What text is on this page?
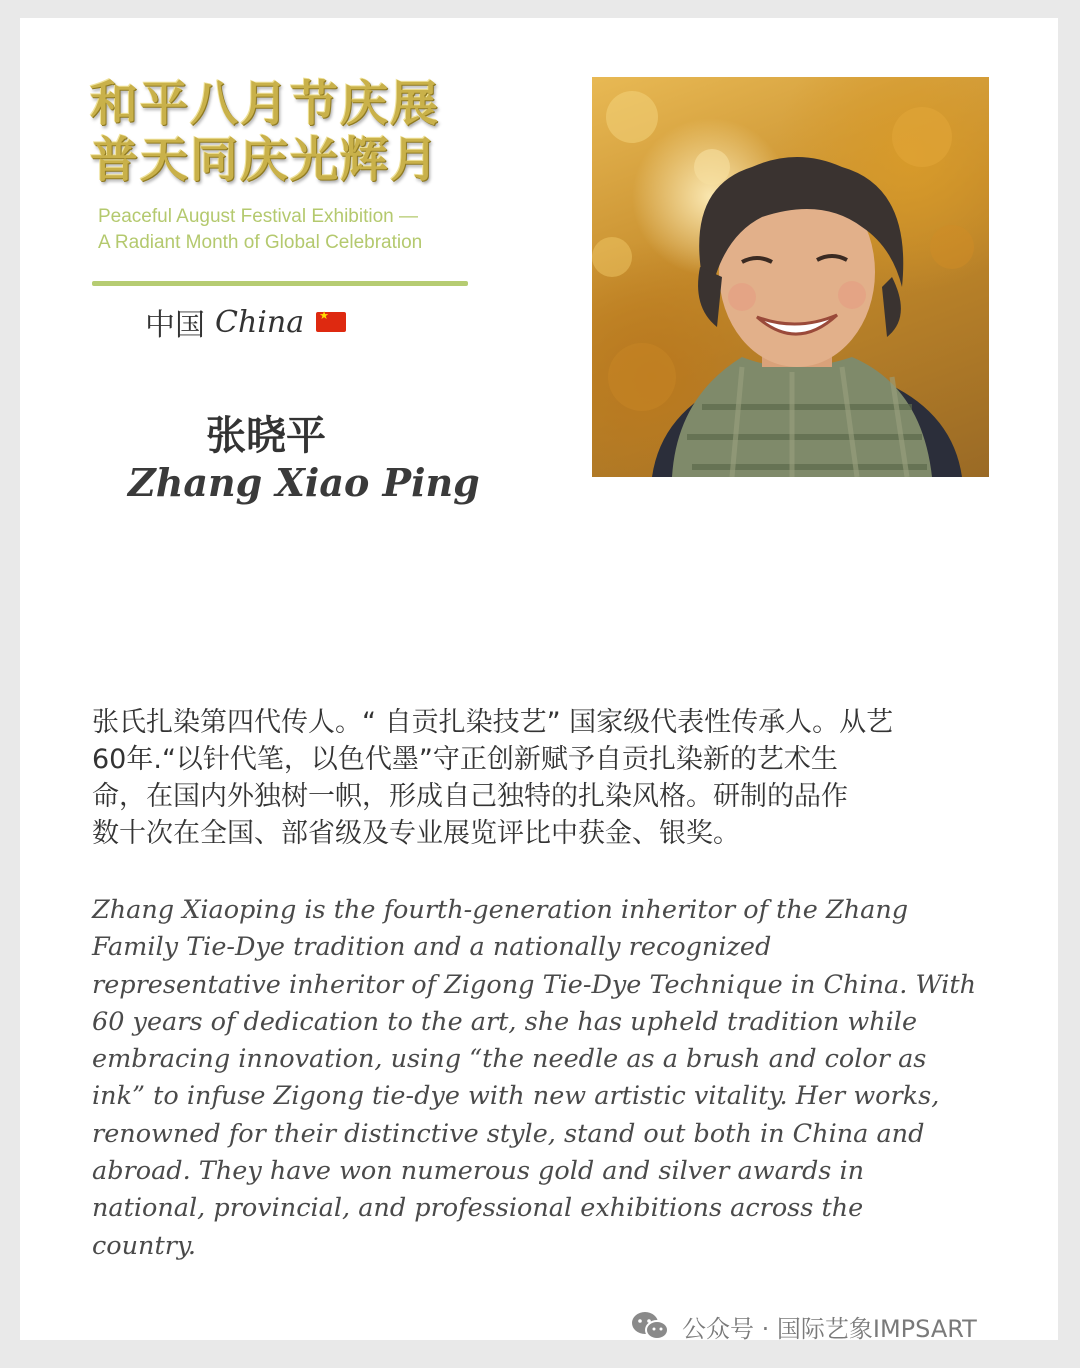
和平八月节庆展
普天同庆光辉月
Peaceful August Festival Exhibition —
A Radiant Month of Global Celebration
中国 China
★
张晓平
Zhang Xiao Ping
张氏扎染第四代传人。“ 自贡扎染技艺” 国家级代表性传承人。从艺
60年.“以针代笔，以色代墨”守正创新赋予自贡扎染新的艺术生
命，在国内外独树一帜，形成自己独特的扎染风格。研制的品作
数十次在全国、部省级及专业展览评比中获金、银奖。
Zhang Xiaoping is the fourth-generation inheritor of the Zhang
Family Tie-Dye tradition and a nationally recognized
representative inheritor of Zigong Tie-Dye Technique in China. With
60 years of dedication to the art, she has upheld tradition while
embracing innovation, using “the needle as a brush and color as
ink” to infuse Zigong tie-dye with new artistic vitality. Her works,
renowned for their distinctive style, stand out both in China and
abroad. They have won numerous gold and silver awards in
national, provincial, and professional exhibitions across the
country.
公众号 · 国际艺象IMPSART
